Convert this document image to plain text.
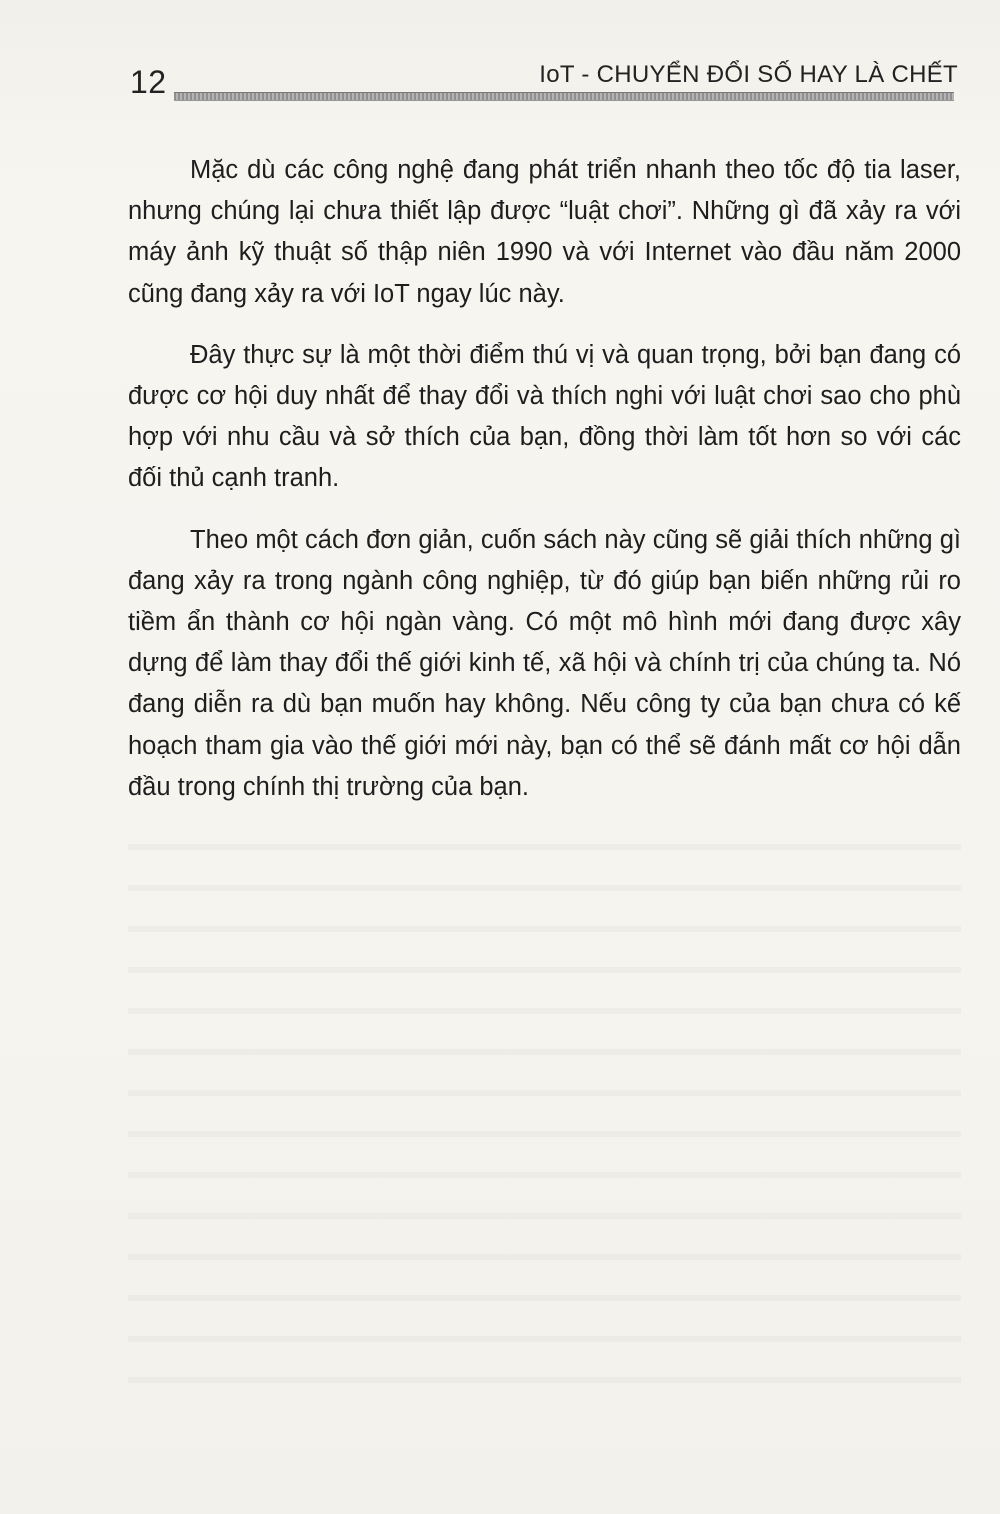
12	IoT - CHUYỂN ĐỔI SỐ HAY LÀ CHẾT

Mặc dù các công nghệ đang phát triển nhanh theo tốc độ tia laser, nhưng chúng lại chưa thiết lập được “luật chơi”. Những gì đã xảy ra với máy ảnh kỹ thuật số thập niên 1990 và với Internet vào đầu năm 2000 cũng đang xảy ra với IoT ngay lúc này.

Đây thực sự là một thời điểm thú vị và quan trọng, bởi bạn đang có được cơ hội duy nhất để thay đổi và thích nghi với luật chơi sao cho phù hợp với nhu cầu và sở thích của bạn, đồng thời làm tốt hơn so với các đối thủ cạnh tranh.

Theo một cách đơn giản, cuốn sách này cũng sẽ giải thích những gì đang xảy ra trong ngành công nghiệp, từ đó giúp bạn biến những rủi ro tiềm ẩn thành cơ hội ngàn vàng. Có một mô hình mới đang được xây dựng để làm thay đổi thế giới kinh tế, xã hội và chính trị của chúng ta. Nó đang diễn ra dù bạn muốn hay không. Nếu công ty của bạn chưa có kế hoạch tham gia vào thế giới mới này, bạn có thể sẽ đánh mất cơ hội dẫn đầu trong chính thị trường của bạn.
